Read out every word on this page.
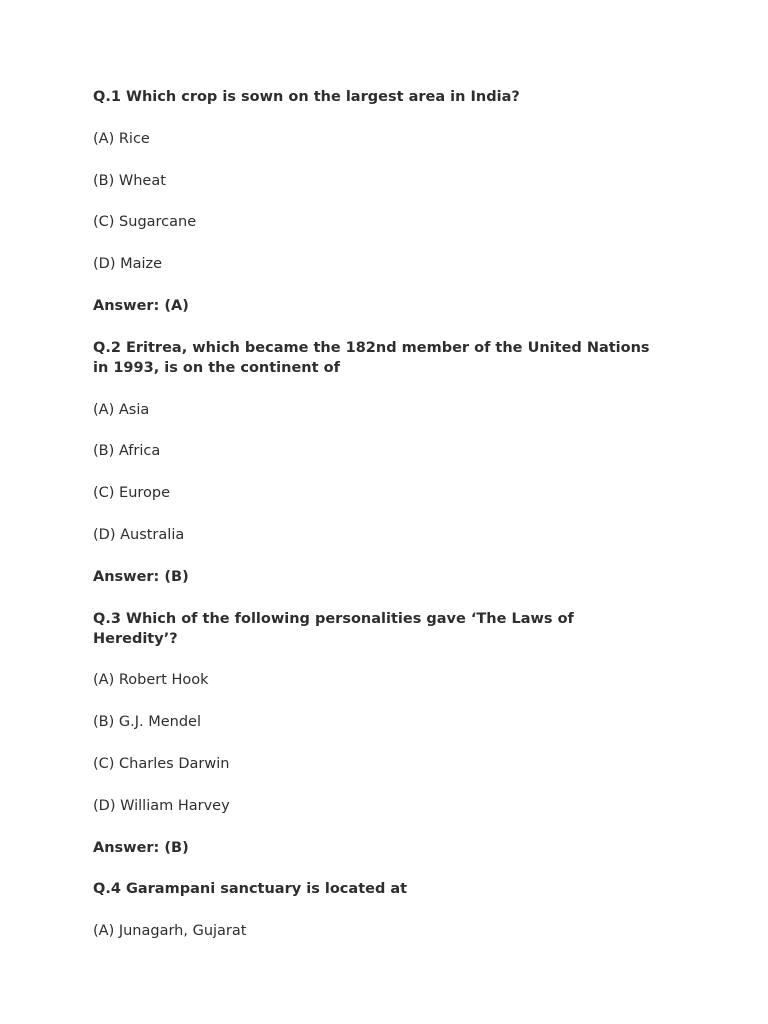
Q.1 Which crop is sown on the largest area in India?

(A) Rice

(B) Wheat

(C) Sugarcane

(D) Maize

Answer: (A)

Q.2 Eritrea, which became the 182nd member of the United Nations in 1993, is on the continent of

(A) Asia

(B) Africa

(C) Europe

(D) Australia

Answer: (B)

Q.3 Which of the following personalities gave ‘The Laws of Heredity’?

(A) Robert Hook

(B) G.J. Mendel

(C) Charles Darwin

(D) William Harvey

Answer: (B)

Q.4 Garampani sanctuary is located at

(A) Junagarh, Gujarat
